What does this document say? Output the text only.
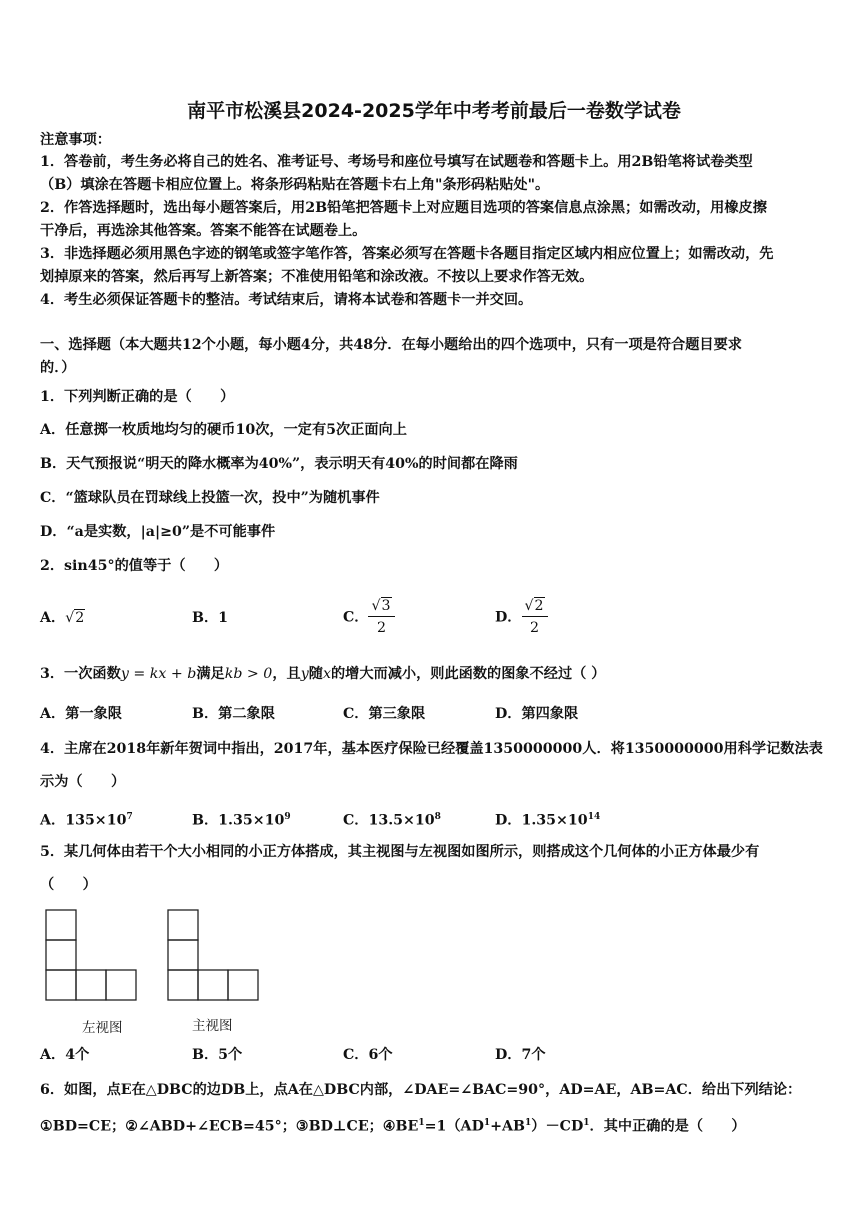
南平市松溪县2024-2025学年中考考前最后一卷数学试卷
注意事项：
1．答卷前，考生务必将自己的姓名、准考证号、考场号和座位号填写在试题卷和答题卡上。用2B铅笔将试卷类型
（B）填涂在答题卡相应位置上。将条形码粘贴在答题卡右上角"条形码粘贴处"。
2．作答选择题时，选出每小题答案后，用2B铅笔把答题卡上对应题目选项的答案信息点涂黑；如需改动，用橡皮擦
干净后，再选涂其他答案。答案不能答在试题卷上。
3．非选择题必须用黑色字迹的钢笔或签字笔作答，答案必须写在答题卡各题目指定区域内相应位置上；如需改动，先
划掉原来的答案，然后再写上新答案；不准使用铅笔和涂改液。不按以上要求作答无效。
4．考生必须保证答题卡的整洁。考试结束后，请将本试卷和答题卡一并交回。
一、选择题（本大题共12个小题，每小题4分，共48分．在每小题给出的四个选项中，只有一项是符合题目要求
的．）
1．下列判断正确的是（　　）
A．任意掷一枚质地均匀的硬币10次，一定有5次正面向上
B．天气预报说“明天的降水概率为40%”，表示明天有40%的时间都在降雨
C．“篮球队员在罚球线上投篮一次，投中”为随机事件
D．“a是实数，|a|≥0”是不可能事件
2．sin45°的值等于（　　）
A．√2	B．1	C． $\frac{√3}{2}$	D． $\frac{√2}{2}$
3．一次函数y = kx + b满足kb > 0，且y随x的增大而减小，则此函数的图象不经过（ ）
A．第一象限	B．第二象限	C．第三象限	D．第四象限
4．主席在2018年新年贺词中指出，2017年，基本医疗保险已经覆盖1350000000人．将1350000000用科学记数法表
示为（　　）
A．$135\times 10^7$	B．$1.35\times 10^9$	C．$13.5\times 10^8$	D．$1.35\times 10^{14}$
5．某几何体由若干个大小相同的小正方体搭成，其主视图与左视图如图所示，则搭成这个几何体的小正方体最少有
（　　）
左视图	主视图
A．4个	B．5个	C．6个	D．7个
6．如图，点E在△DBC的边DB上，点A在△DBC内部，∠DAE=∠BAC=90°，AD=AE，AB=AC．给出下列结论：
①BD=CE；②∠ABD+∠ECB=45°；③BD⊥CE；$④BE^1=1(AD^1+AB^1)-CD^1$．其中正确的是（　　）
